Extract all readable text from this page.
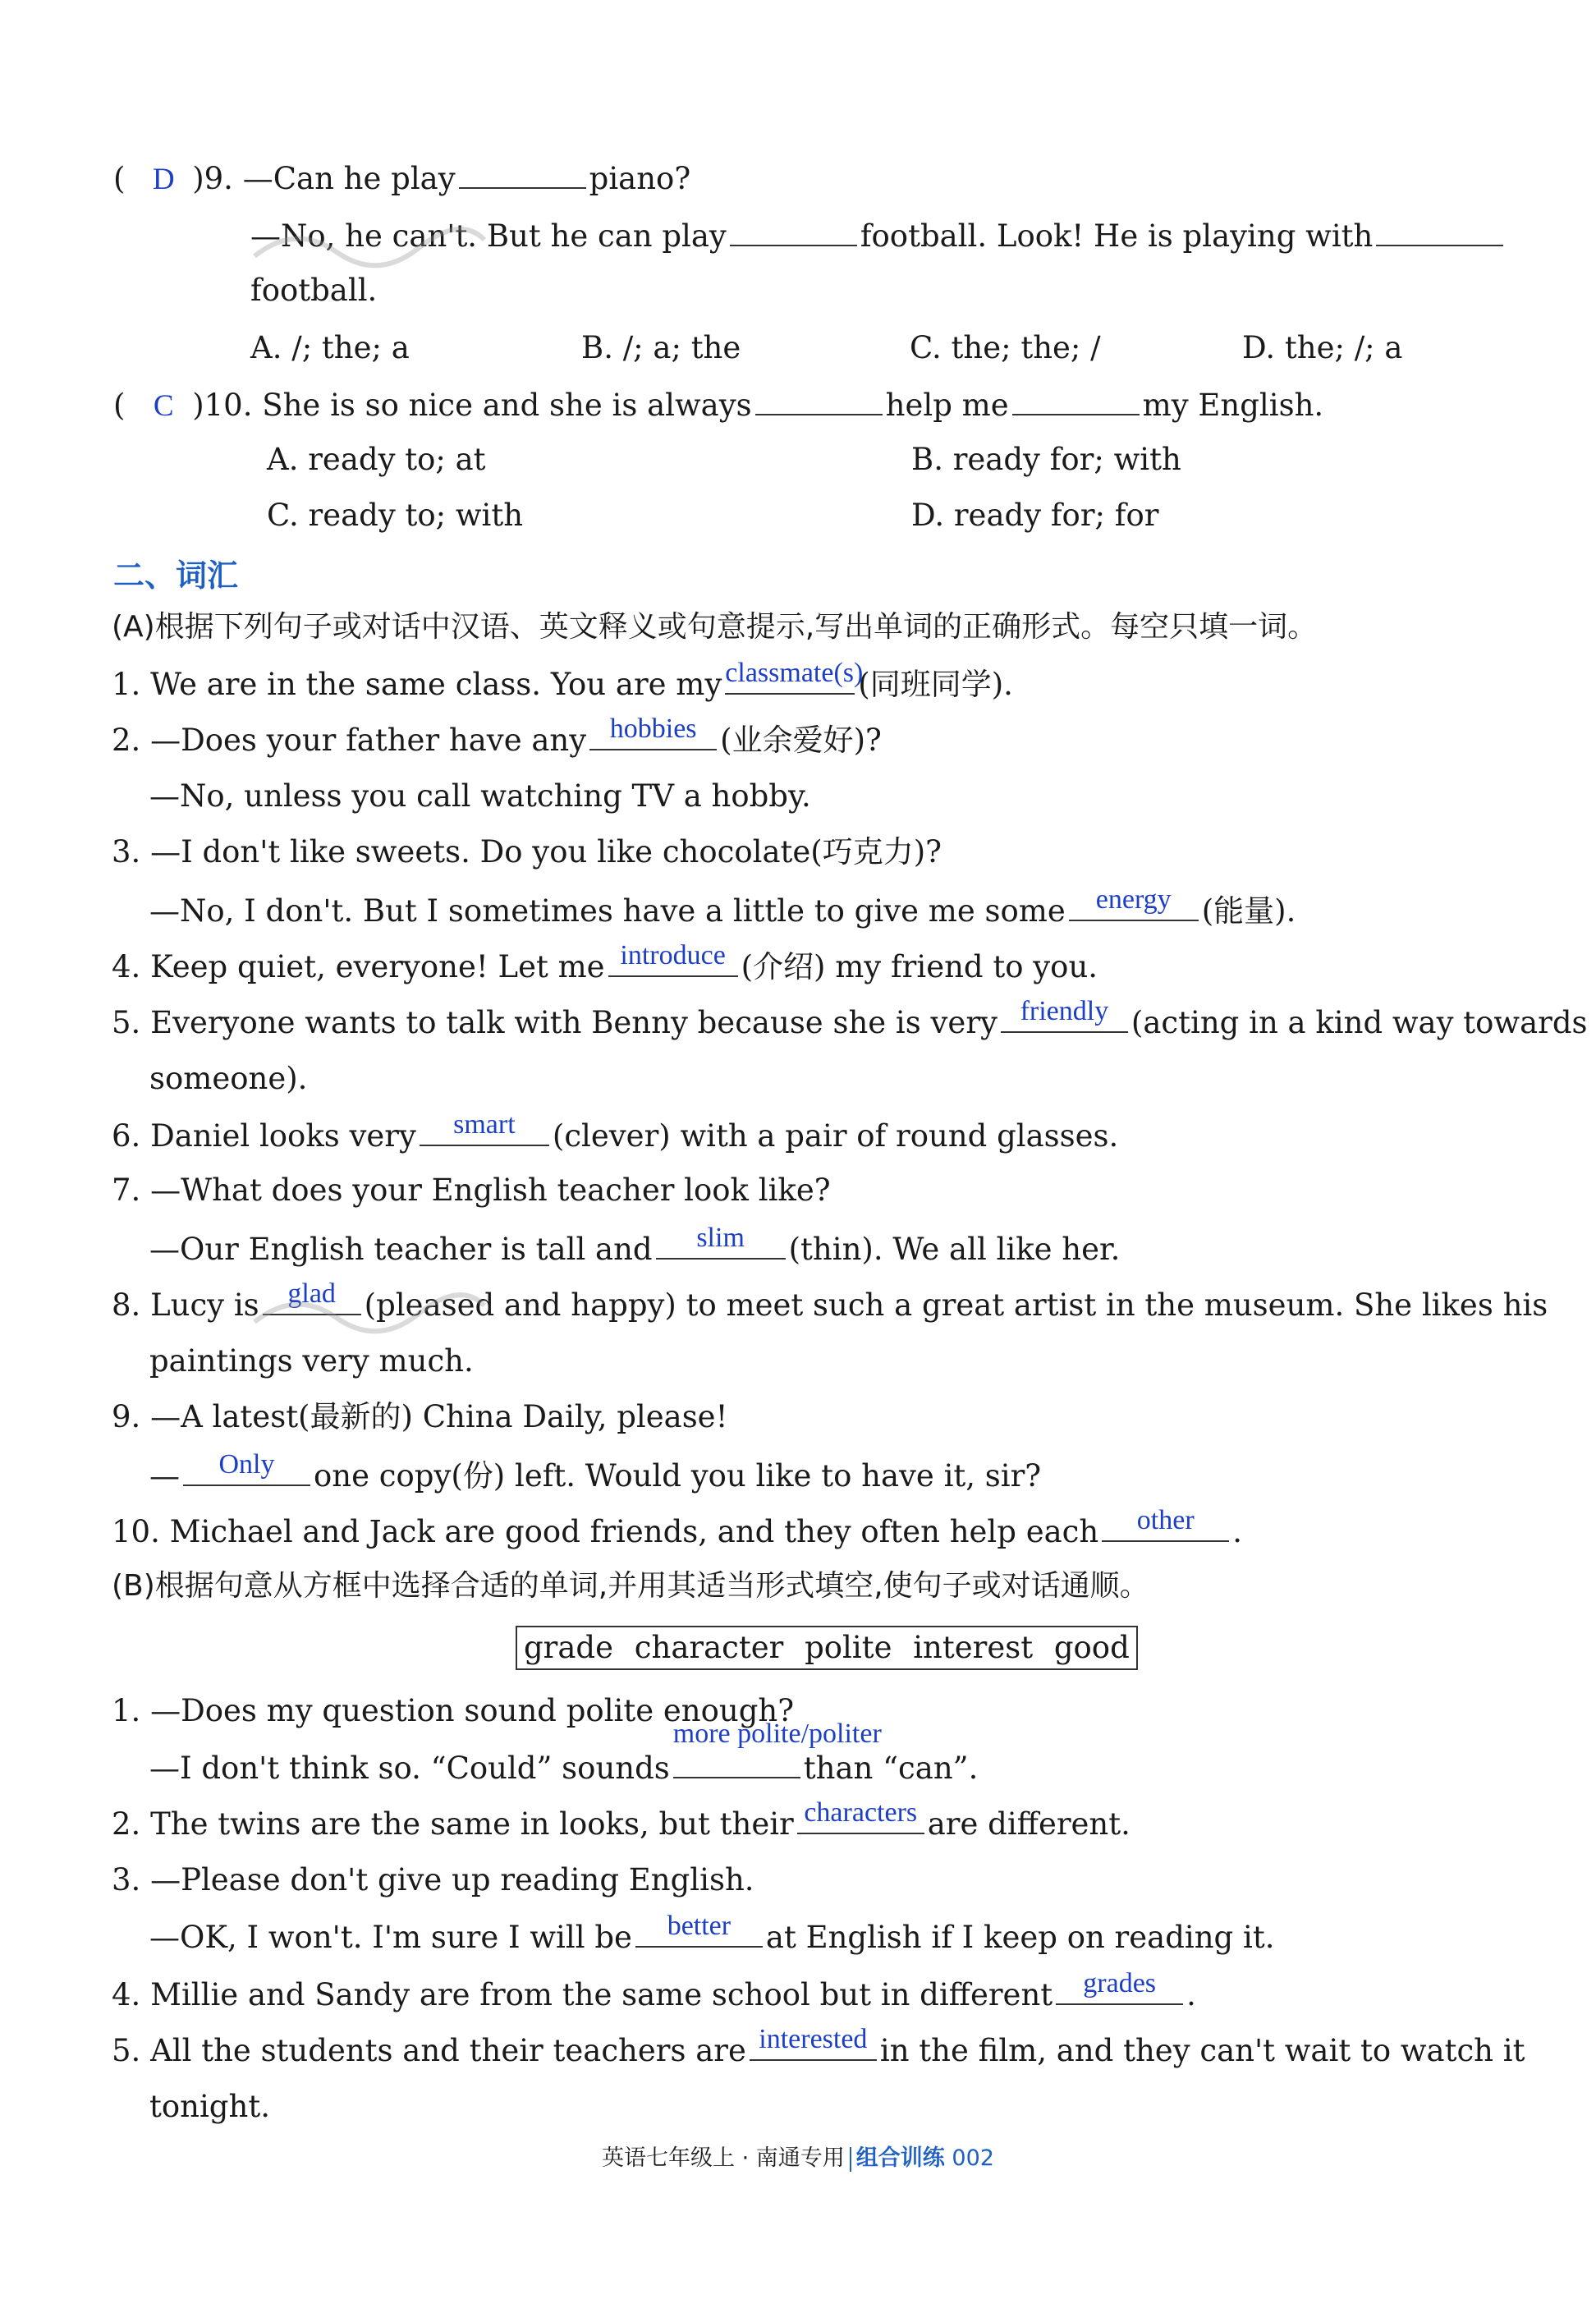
( D )9. —Can he play	piano?
—No, he can't. But he can play	football. Look! He is playing with
football.
A. /; the; a	B. /; a; the	C. the; the; /	D. the; /; a
( C )10. She is so nice and she is always	help me	my English.
A. ready to; at	B. ready for; with
C. ready to; with	D. ready for; for
二、词汇
(A)根据下列句子或对话中汉语、英文释义或句意提示,写出单词的正确形式。每空只填一词。
1. We are in the same class. You are my classmate(s)
(同班同学).
2. —Does your father have any hobbies (业余爱好)?
—No, unless you call watching TV a hobby.
3. —I don't like sweets. Do you like chocolate(巧克力)?
—No, I don't. But I sometimes have a little to give me some	energy	(能量).
4. Keep quiet, everyone! Let me introduce (介绍) my friend to you.
5. Everyone wants to talk with Benny because she is very friendly (acting in a kind way towards
someone).
6. Daniel looks very	smart	(clever) with a pair of round glasses.
7. —What does your English teacher look like?
—Our English teacher is tall and	slim	(thin). We all like her.
8. Lucy is	glad (pleased and happy) to meet such a great artist in the museum. She likes his
paintings very much.
9. —A latest(最新的) China Daily, please!
—	Only	one copy(份) left. Would you like to have it, sir?
10. Michael and Jack are good friends, and they often help each	other	.
(B)根据句意从方框中选择合适的单词,并用其适当形式填空,使句子或对话通顺。
grade character polite interest good
1. —Does my question sound polite enough?
—I don't think so. “Could” sounds
more polite/politer
than “can”.
2. The twins are the same in looks, but their characters are different.
3. —Please don't give up reading English.
—OK, I won't. I'm sure I will be	better	at English if I keep on reading it.
4. Millie and Sandy are from the same school but in different	grades	.
5. All the students and their teachers are interested in the film, and they can't wait to watch it
tonight.
英语七年级上 · 南通专用 组合训练 002
